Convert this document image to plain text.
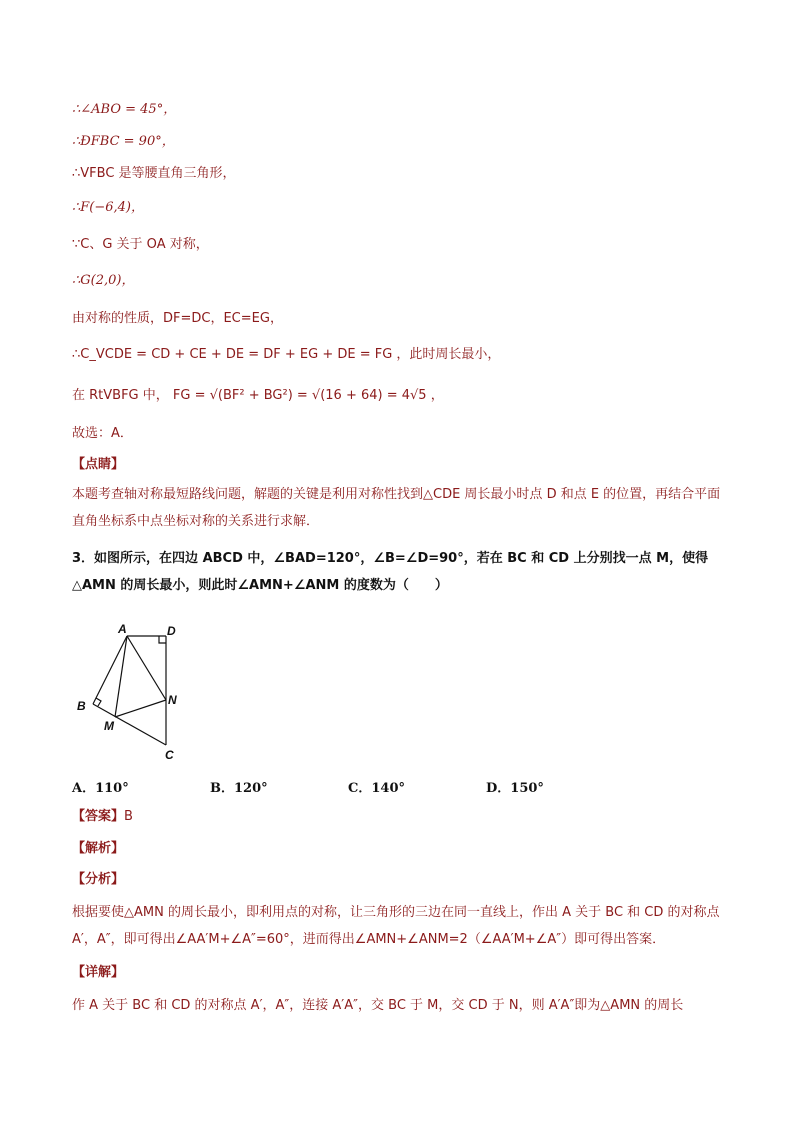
∴∠ABO = 45°，
∴ÐFBC = 90°，
∴VFBC 是等腰直角三角形，
∴F(−6,4)，
∵C、G 关于 OA 对称，
∴G(2,0)，
由对称的性质，DF=DC，EC=EG，
∴C_VCDE = CD + CE + DE = DF + EG + DE = FG ，此时周长最小，
在 RtVBFG 中， FG = √(BF² + BG²) = √(16 + 64) = 4√5 ，
故选：A．
【点睛】
本题考查轴对称最短路线问题，解题的关键是利用对称性找到△CDE 周长最小时点 D 和点 E 的位置，再结合平面直角坐标系中点坐标对称的关系进行求解．
3．如图所示，在四边 ABCD 中，∠BAD=120°，∠B=∠D=90°，若在 BC 和 CD 上分别找一点 M，使得△AMN 的周长最小，则此时∠AMN+∠ANM 的度数为（　　）
A	D
B
M
N
C
A．110°	B．120°	C．140°	D．150°
【答案】B
【解析】
【分析】
根据要使△AMN 的周长最小，即利用点的对称，让三角形的三边在同一直线上，作出 A 关于 BC 和 CD 的对称点 A′，A″，即可得出∠AA′M+∠A″=60°，进而得出∠AMN+∠ANM=2（∠AA′M+∠A″）即可得出答案．
【详解】
作 A 关于 BC 和 CD 的对称点 A′，A″，连接 A′A″，交 BC 于 M，交 CD 于 N，则 A′A″即为△AMN 的周长
